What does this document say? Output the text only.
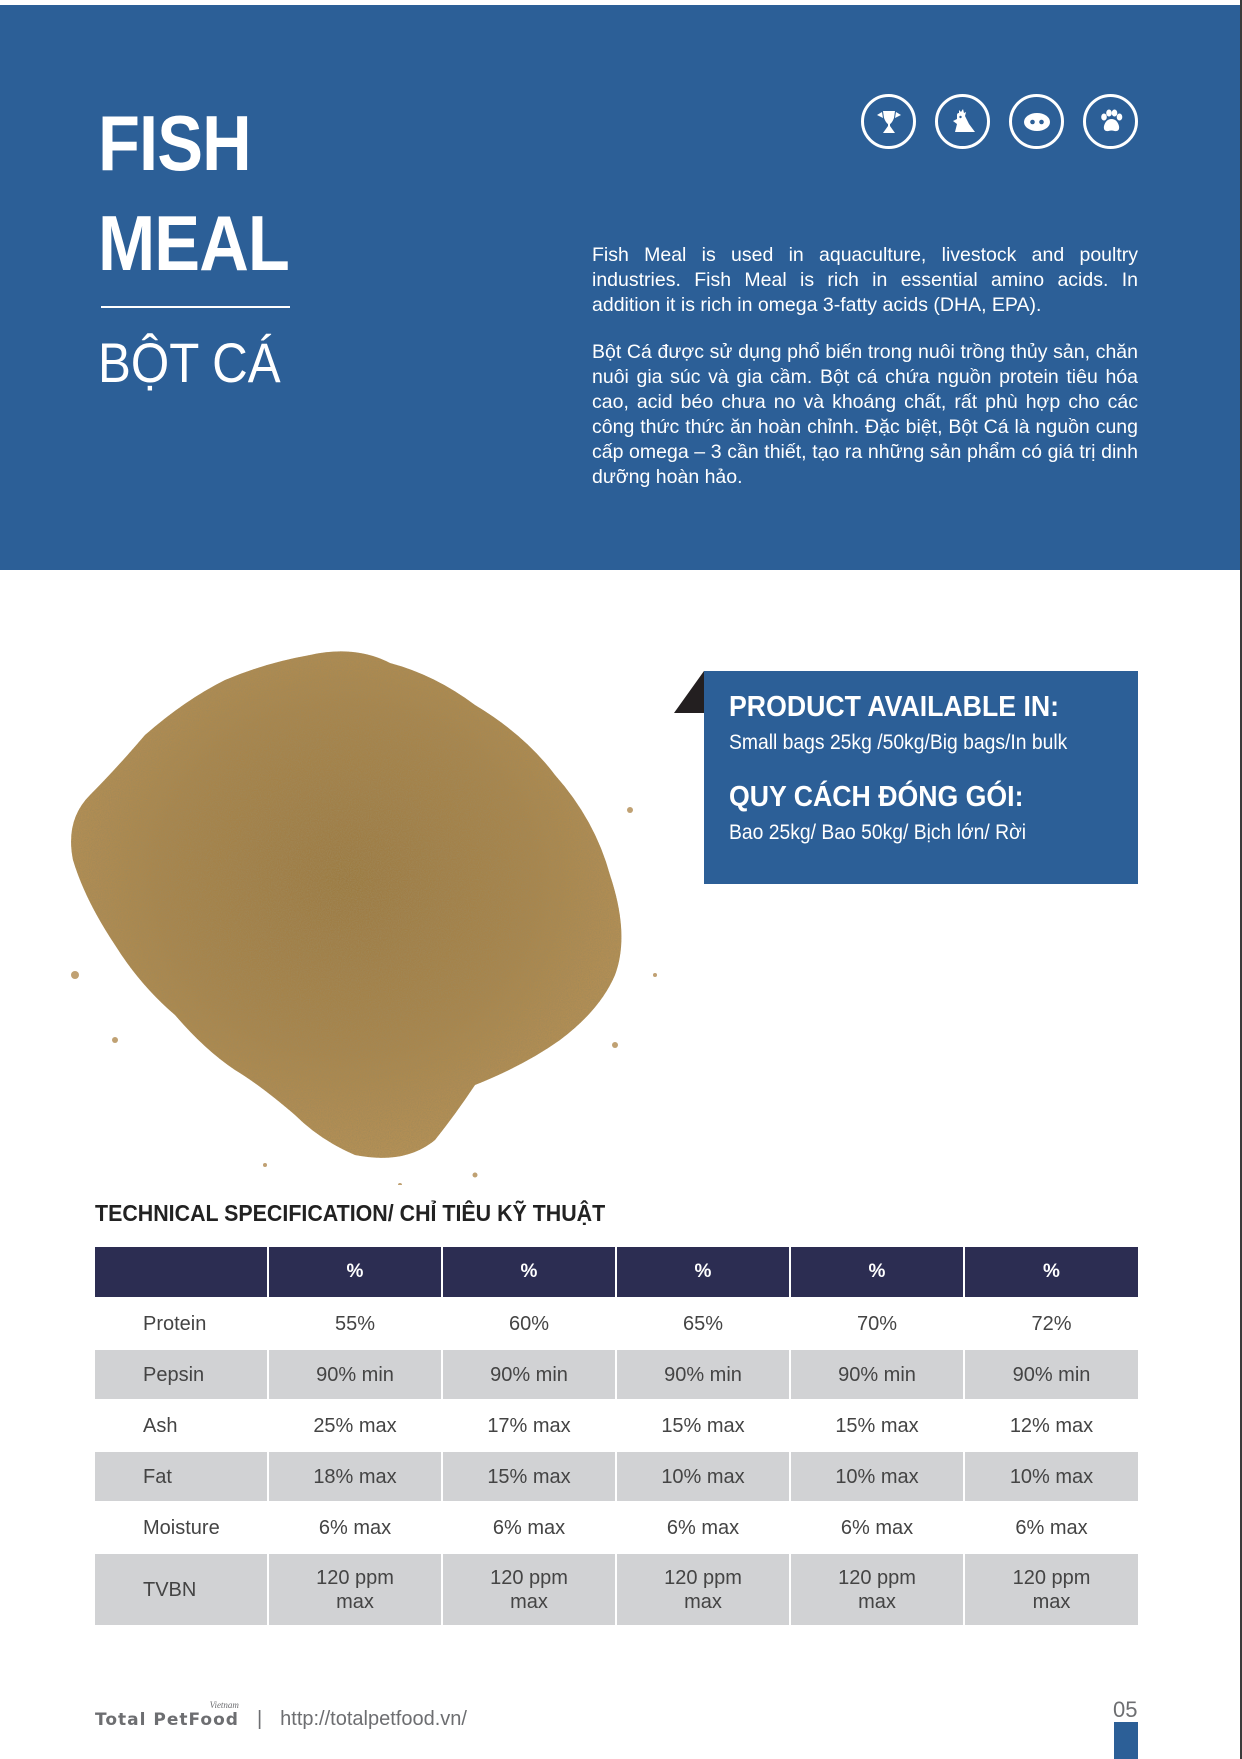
FISH
MEAL
BỘT CÁ

Fish Meal is used in aquaculture, livestock and poultry industries. Fish Meal is rich in essential amino acids. In addition it is rich in omega 3-fatty acids (DHA, EPA).

Bột Cá được sử dụng phổ biến trong nuôi trồng thủy sản, chăn nuôi gia súc và gia cầm. Bột cá chứa nguồn protein tiêu hóa cao, acid béo chưa no và khoáng chất, rất phù hợp cho các công thức thức ăn hoàn chỉnh. Đặc biệt, Bột Cá là nguồn cung cấp omega – 3 cần thiết, tạo ra những sản phẩm có giá trị dinh dưỡng hoàn hảo.

PRODUCT AVAILABLE IN:
Small bags 25kg /50kg/Big bags/In bulk
QUY CÁCH ĐÓNG GÓI:
Bao 25kg/ Bao 50kg/ Bịch lớn/ Rời
TECHNICAL SPECIFICATION/ CHỈ TIÊU KỸ THUẬT
	%	%	%	%	%
Protein	55%	60%	65%	70%	72%
Pepsin	90% min	90% min	90% min	90% min	90% min
Ash	25% max	17% max	15% max	15% max	12% max
Fat	18% max	15% max	10% max	10% max	10% max
Moisture	6% max	6% max	6% max	6% max	6% max
TVBN	120 ppm max	120 ppm max	120 ppm max	120 ppm max	120 ppm max
Total PetFood
Vietnam
| http://totalpetfood.vn/	05
